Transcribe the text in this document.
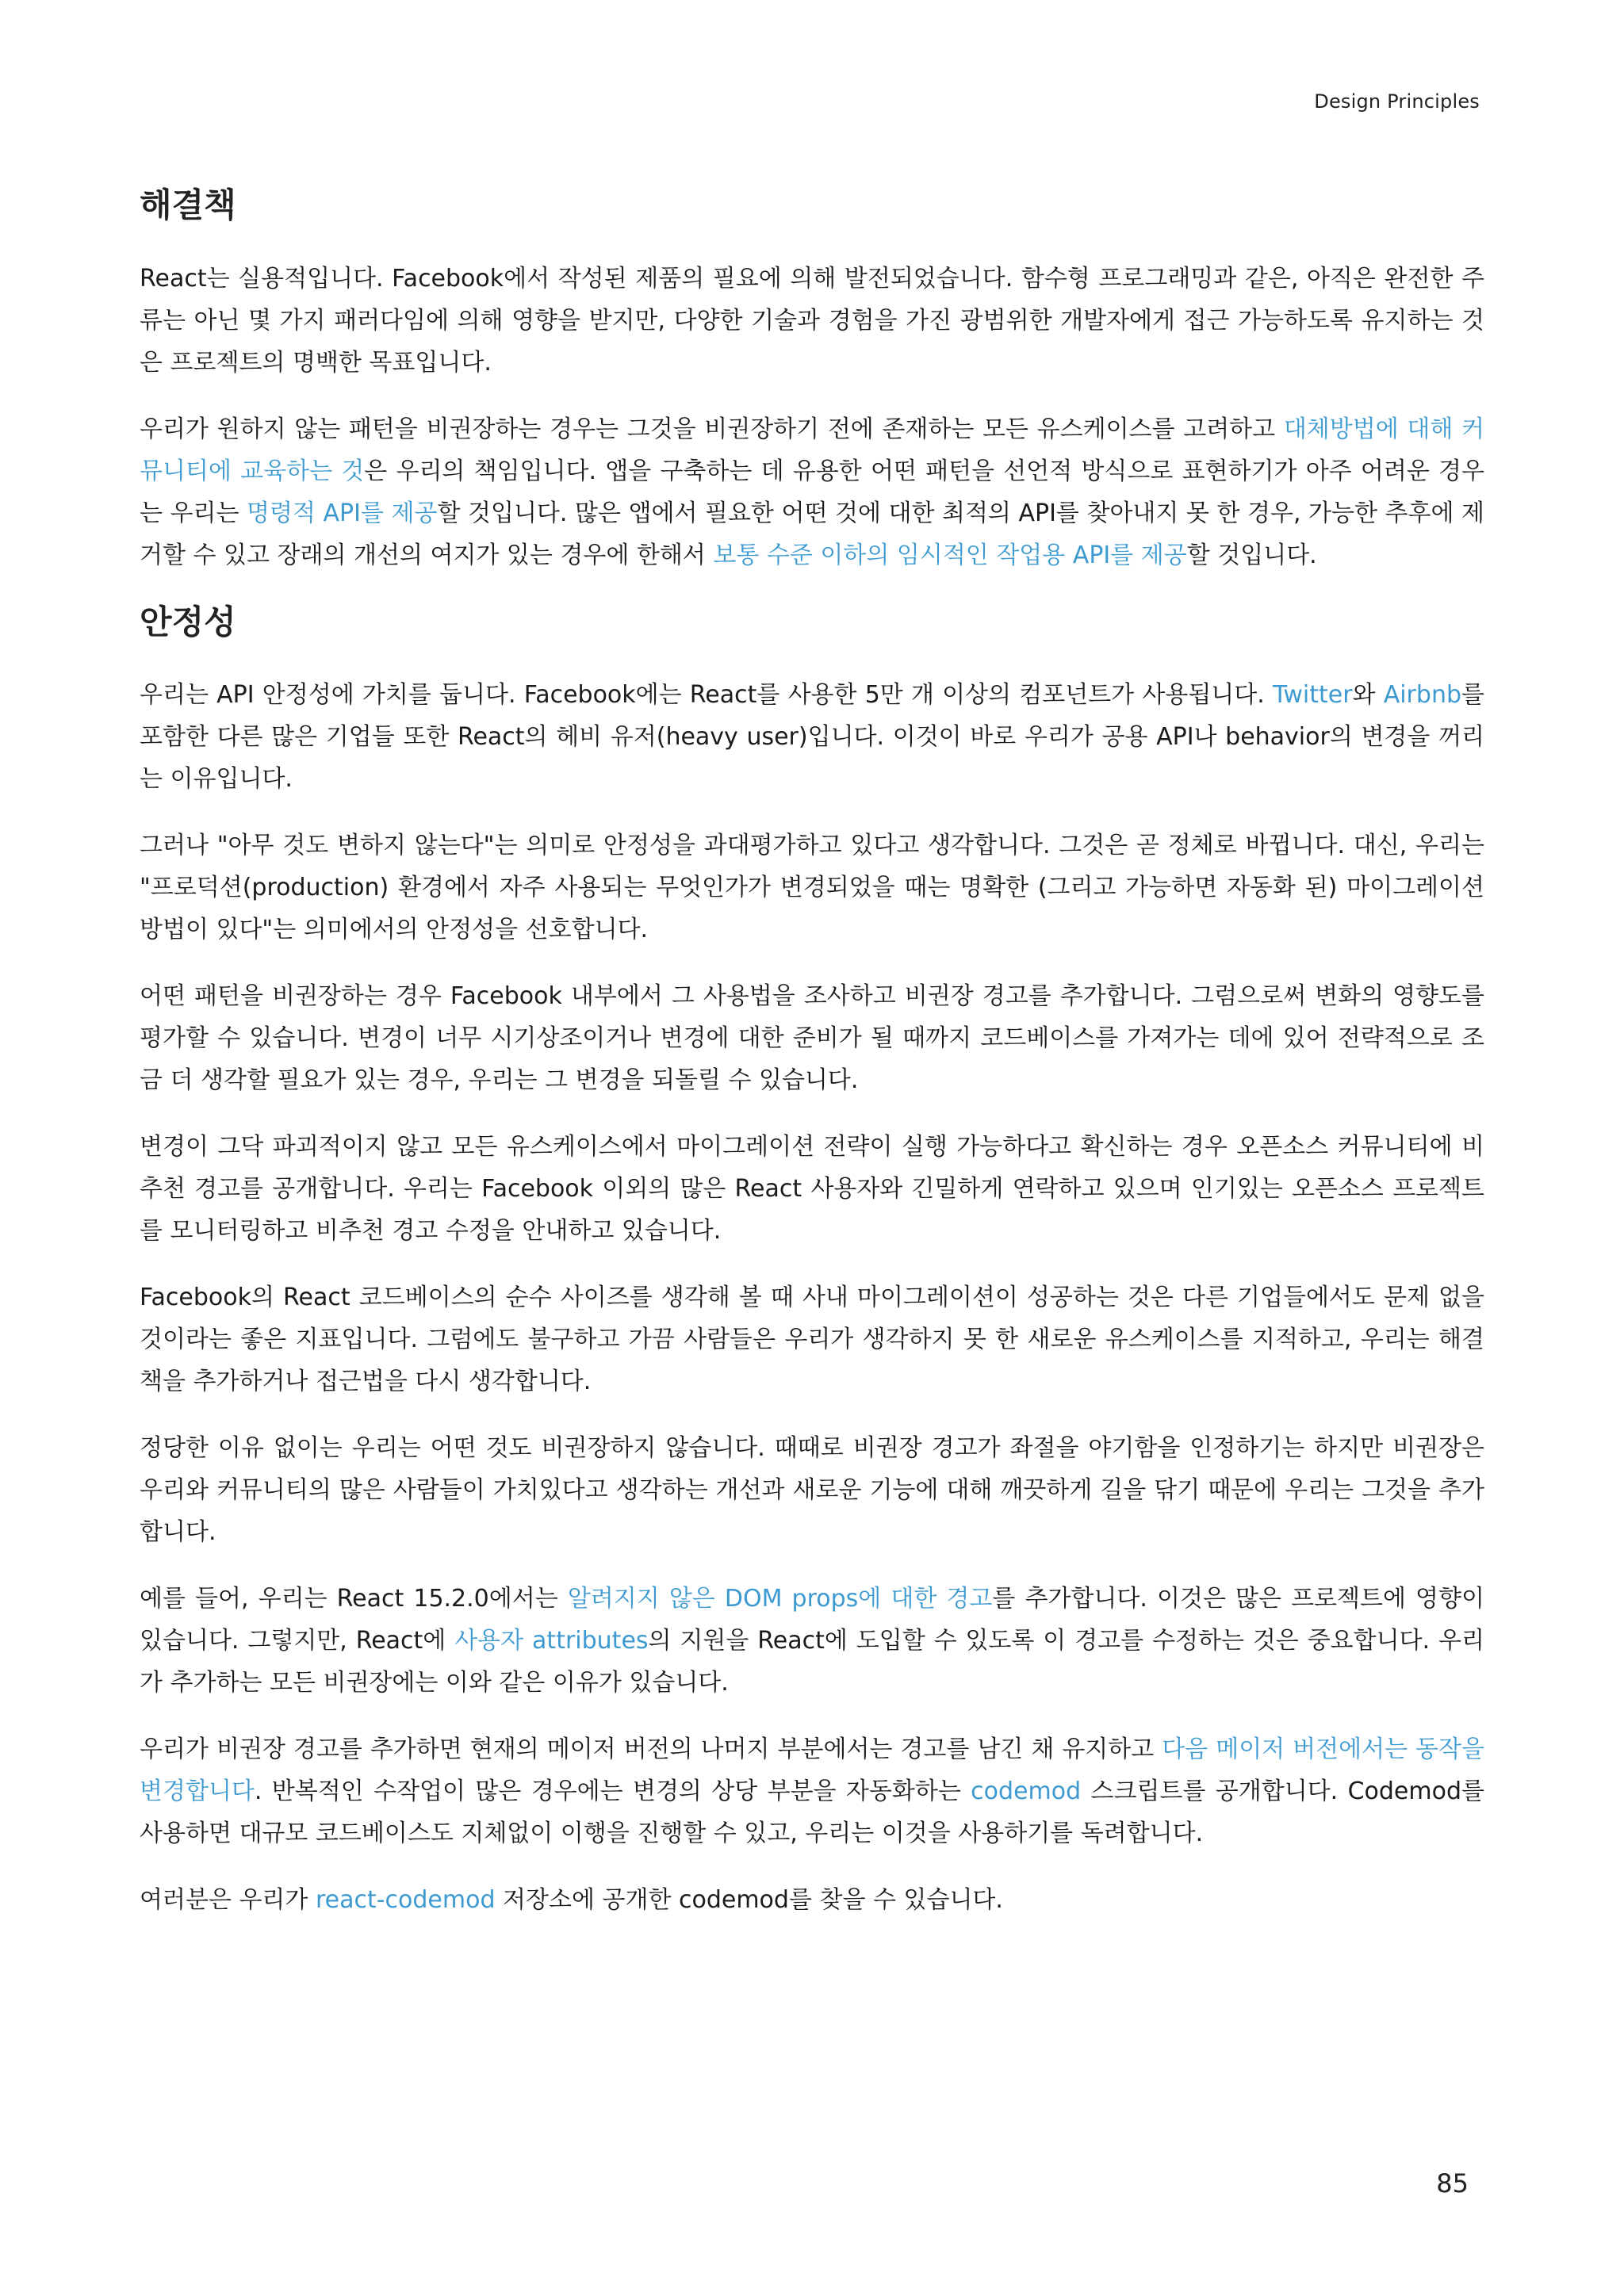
Design Principles
해결책

React는 실용적입니다. Facebook에서 작성된 제품의 필요에 의해 발전되었습니다. 함수형 프로그래밍과 같은, 아직은 완전한 주류는 아닌 몇 가지 패러다임에 의해 영향을 받지만, 다양한 기술과 경험을 가진 광범위한 개발자에게 접근 가능하도록 유지하는 것은 프로젝트의 명백한 목표입니다.

우리가 원하지 않는 패턴을 비권장하는 경우는 그것을 비권장하기 전에 존재하는 모든 유스케이스를 고려하고 대체방법에 대해 커뮤니티에 교육하는 것은 우리의 책임입니다. 앱을 구축하는 데 유용한 어떤 패턴을 선언적 방식으로 표현하기가 아주 어려운 경우는 우리는 명령적 API를 제공할 것입니다. 많은 앱에서 필요한 어떤 것에 대한 최적의 API를 찾아내지 못 한 경우, 가능한 추후에 제거할 수 있고 장래의 개선의 여지가 있는 경우에 한해서 보통 수준 이하의 임시적인 작업용 API를 제공할 것입니다.

안정성

우리는 API 안정성에 가치를 둡니다. Facebook에는 React를 사용한 5만 개 이상의 컴포넌트가 사용됩니다. Twitter와 Airbnb를 포함한 다른 많은 기업들 또한 React의 헤비 유저(heavy user)입니다. 이것이 바로 우리가 공용 API나 behavior의 변경을 꺼리는 이유입니다.

그러나 "아무 것도 변하지 않는다"는 의미로 안정성을 과대평가하고 있다고 생각합니다. 그것은 곧 정체로 바뀝니다. 대신, 우리는 "프로덕션(production) 환경에서 자주 사용되는 무엇인가가 변경되었을 때는 명확한 (그리고 가능하면 자동화 된) 마이그레이션 방법이 있다"는 의미에서의 안정성을 선호합니다.

어떤 패턴을 비권장하는 경우 Facebook 내부에서 그 사용법을 조사하고 비권장 경고를 추가합니다. 그럼으로써 변화의 영향도를 평가할 수 있습니다. 변경이 너무 시기상조이거나 변경에 대한 준비가 될 때까지 코드베이스를 가져가는 데에 있어 전략적으로 조금 더 생각할 필요가 있는 경우, 우리는 그 변경을 되돌릴 수 있습니다.

변경이 그닥 파괴적이지 않고 모든 유스케이스에서 마이그레이션 전략이 실행 가능하다고 확신하는 경우 오픈소스 커뮤니티에 비추천 경고를 공개합니다. 우리는 Facebook 이외의 많은 React 사용자와 긴밀하게 연락하고 있으며 인기있는 오픈소스 프로젝트를 모니터링하고 비추천 경고 수정을 안내하고 있습니다.

Facebook의 React 코드베이스의 순수 사이즈를 생각해 볼 때 사내 마이그레이션이 성공하는 것은 다른 기업들에서도 문제 없을 것이라는 좋은 지표입니다. 그럼에도 불구하고 가끔 사람들은 우리가 생각하지 못 한 새로운 유스케이스를 지적하고, 우리는 해결책을 추가하거나 접근법을 다시 생각합니다.

정당한 이유 없이는 우리는 어떤 것도 비권장하지 않습니다. 때때로 비권장 경고가 좌절을 야기함을 인정하기는 하지만 비권장은 우리와 커뮤니티의 많은 사람들이 가치있다고 생각하는 개선과 새로운 기능에 대해 깨끗하게 길을 닦기 때문에 우리는 그것을 추가합니다.

예를 들어, 우리는 React 15.2.0에서는 알려지지 않은 DOM props에 대한 경고를 추가합니다. 이것은 많은 프로젝트에 영향이 있습니다. 그렇지만, React에 사용자 attributes의 지원을 React에 도입할 수 있도록 이 경고를 수정하는 것은 중요합니다. 우리가 추가하는 모든 비권장에는 이와 같은 이유가 있습니다.

우리가 비권장 경고를 추가하면 현재의 메이저 버전의 나머지 부분에서는 경고를 남긴 채 유지하고 다음 메이저 버전에서는 동작을 변경합니다. 반복적인 수작업이 많은 경우에는 변경의 상당 부분을 자동화하는 codemod 스크립트를 공개합니다. Codemod를 사용하면 대규모 코드베이스도 지체없이 이행을 진행할 수 있고, 우리는 이것을 사용하기를 독려합니다.

여러분은 우리가 react-codemod 저장소에 공개한 codemod를 찾을 수 있습니다.

85
